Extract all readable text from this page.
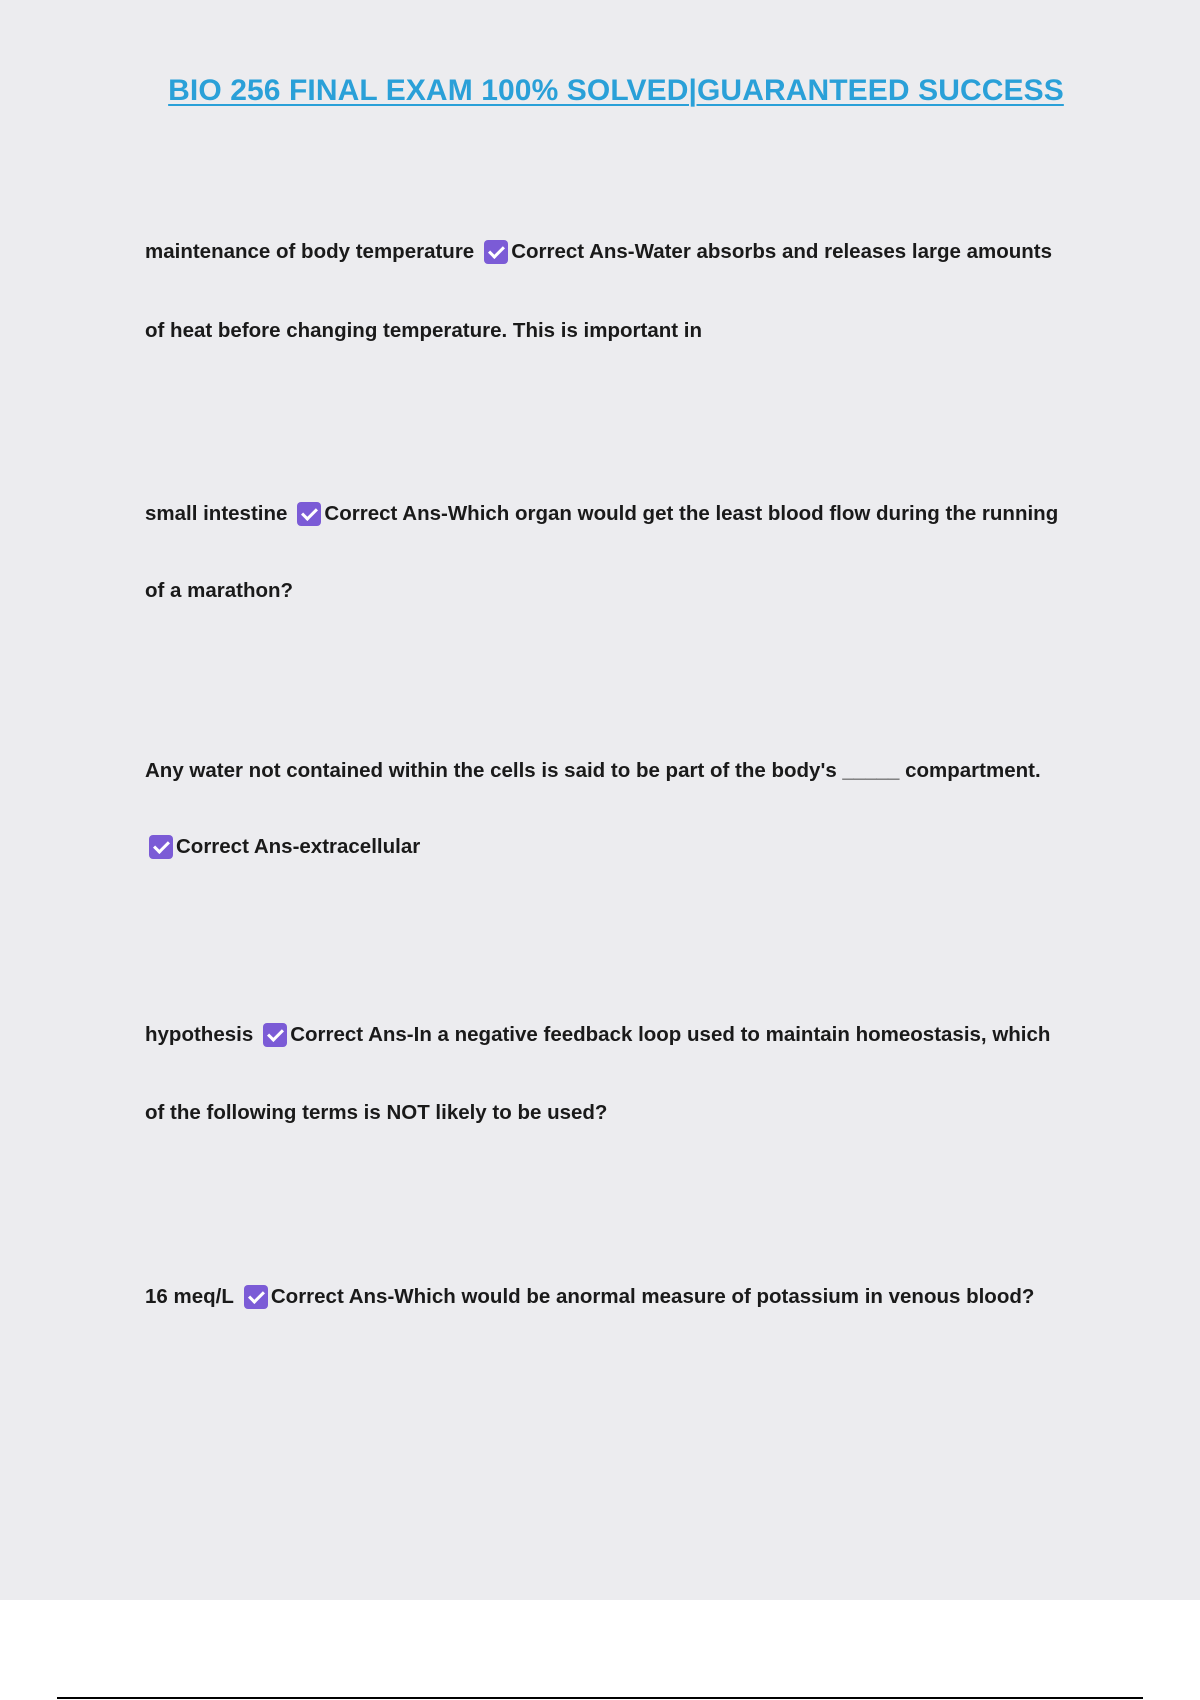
BIO 256 FINAL EXAM 100% SOLVED|GUARANTEED SUCCESS
maintenance of body temperature Correct Ans-Water absorbs and releases large amounts
of heat before changing temperature. This is important in
small intestine Correct Ans-Which organ would get the least blood flow during the running
of a marathon?
Any water not contained within the cells is said to be part of the body's _____ compartment.
Correct Ans-extracellular
hypothesis Correct Ans-In a negative feedback loop used to maintain homeostasis, which
of the following terms is NOT likely to be used?
16 meq/L Correct Ans-Which would be anormal measure of potassium in venous blood?
